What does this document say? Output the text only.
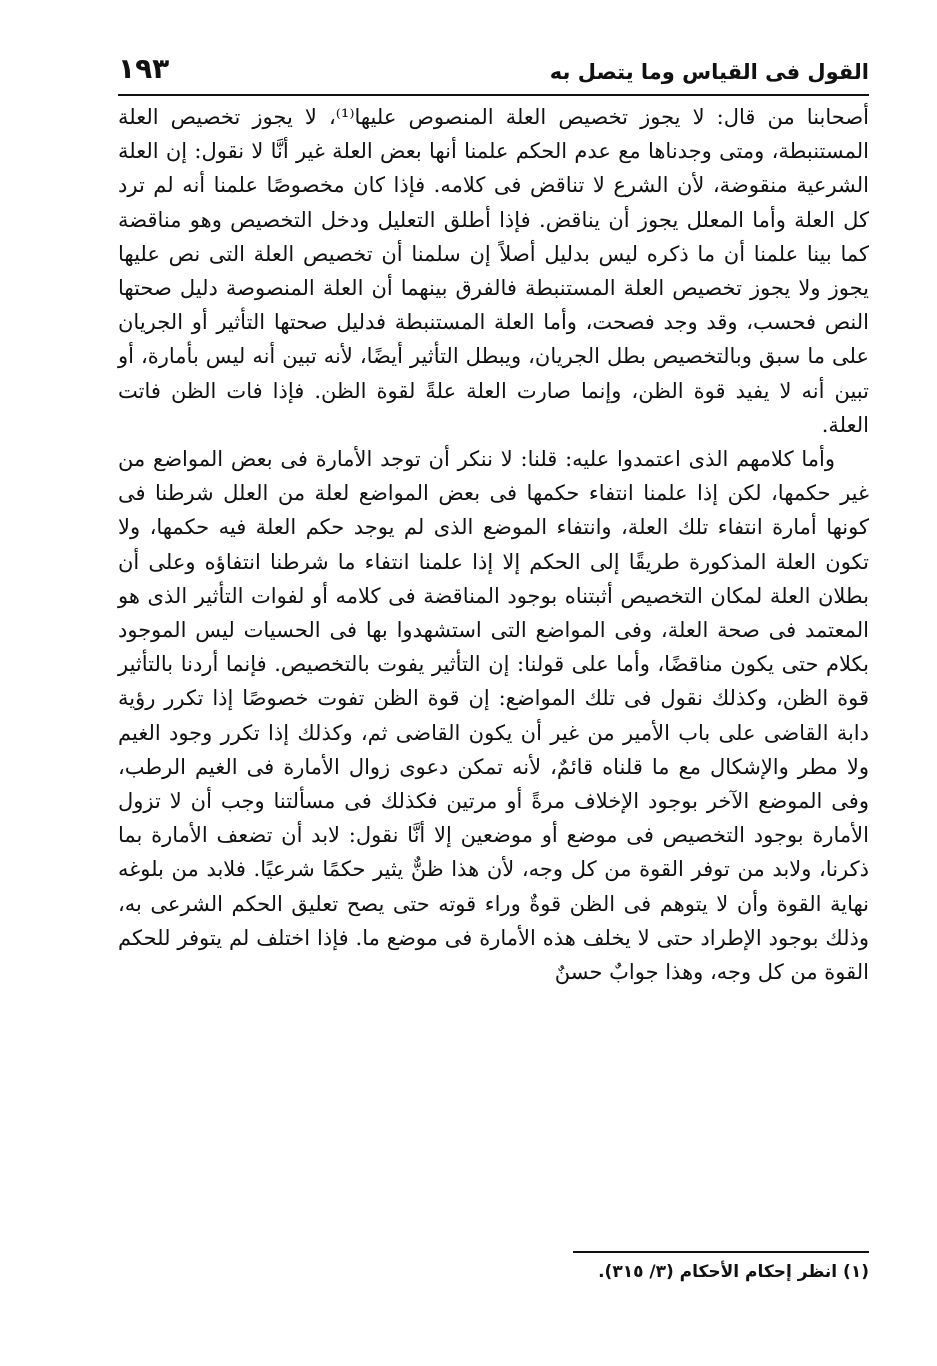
القول فى القياس وما يتصل به
١٩٣

أصحابنا من قال: لا يجوز تخصيص العلة المنصوص عليها⁽¹⁾، لا يجوز تخصيص العلة المستنبطة، ومتى وجدناها مع عدم الحكم علمنا أنها بعض العلة غير أنَّا لا نقول: إن العلة الشرعية منقوضة، لأن الشرع لا تناقض فى كلامه. فإذا كان مخصوصًا علمنا أنه لم ترد كل العلة وأما المعلل يجوز أن يناقض. فإذا أطلق التعليل ودخل التخصيص وهو مناقضة كما بينا علمنا أن ما ذكره ليس بدليل أصلاً إن سلمنا أن تخصيص العلة التى نص عليها يجوز ولا يجوز تخصيص العلة المستنبطة فالفرق بينهما أن العلة المنصوصة دليل صحتها النص فحسب، وقد وجد فصحت، وأما العلة المستنبطة فدليل صحتها التأثير أو الجريان على ما سبق وبالتخصيص بطل الجريان، ويبطل التأثير أيضًا، لأنه تبين أنه ليس بأمارة، أو تبين أنه لا يفيد قوة الظن، وإنما صارت العلة علةً لقوة الظن. فإذا فات الظن فاتت العلة.

وأما كلامهم الذى اعتمدوا عليه: قلنا: لا ننكر أن توجد الأمارة فى بعض المواضع من غير حكمها، لكن إذا علمنا انتفاء حكمها فى بعض المواضع لعلة من العلل شرطنا فى كونها أمارة انتفاء تلك العلة، وانتفاء الموضع الذى لم يوجد حكم العلة فيه حكمها، ولا تكون العلة المذكورة طريقًا إلى الحكم إلا إذا علمنا انتفاء ما شرطنا انتفاؤه وعلى أن بطلان العلة لمكان التخصيص أثبتناه بوجود المناقضة فى كلامه أو لفوات التأثير الذى هو المعتمد فى صحة العلة، وفى المواضع التى استشهدوا بها فى الحسيات ليس الموجود بكلام حتى يكون مناقضًا، وأما على قولنا: إن التأثير يفوت بالتخصيص. فإنما أردنا بالتأثير قوة الظن، وكذلك نقول فى تلك المواضع: إن قوة الظن تفوت خصوصًا إذا تكرر رؤية دابة القاضى على باب الأمير من غير أن يكون القاضى ثم، وكذلك إذا تكرر وجود الغيم ولا مطر والإشكال مع ما قلناه قائمٌ، لأنه تمكن دعوى زوال الأمارة فى الغيم الرطب، وفى الموضع الآخر بوجود الإخلاف مرةً أو مرتين فكذلك فى مسألتنا وجب أن لا تزول الأمارة بوجود التخصيص فى موضع أو موضعين إلا أنَّا نقول: لابد أن تضعف الأمارة بما ذكرنا، ولابد من توفر القوة من كل وجه، لأن هذا ظنٌّ يثير حكمًا شرعيًا. فلابد من بلوغه نهاية القوة وأن لا يتوهم فى الظن قوةٌ وراء قوته حتى يصح تعليق الحكم الشرعى به، وذلك بوجود الإطراد حتى لا يخلف هذه الأمارة فى موضع ما. فإذا اختلف لم يتوفر للحكم القوة من كل وجه، وهذا جوابٌ حسنٌ

(١) انظر إحكام الأحكام (٣/ ٣١٥).
